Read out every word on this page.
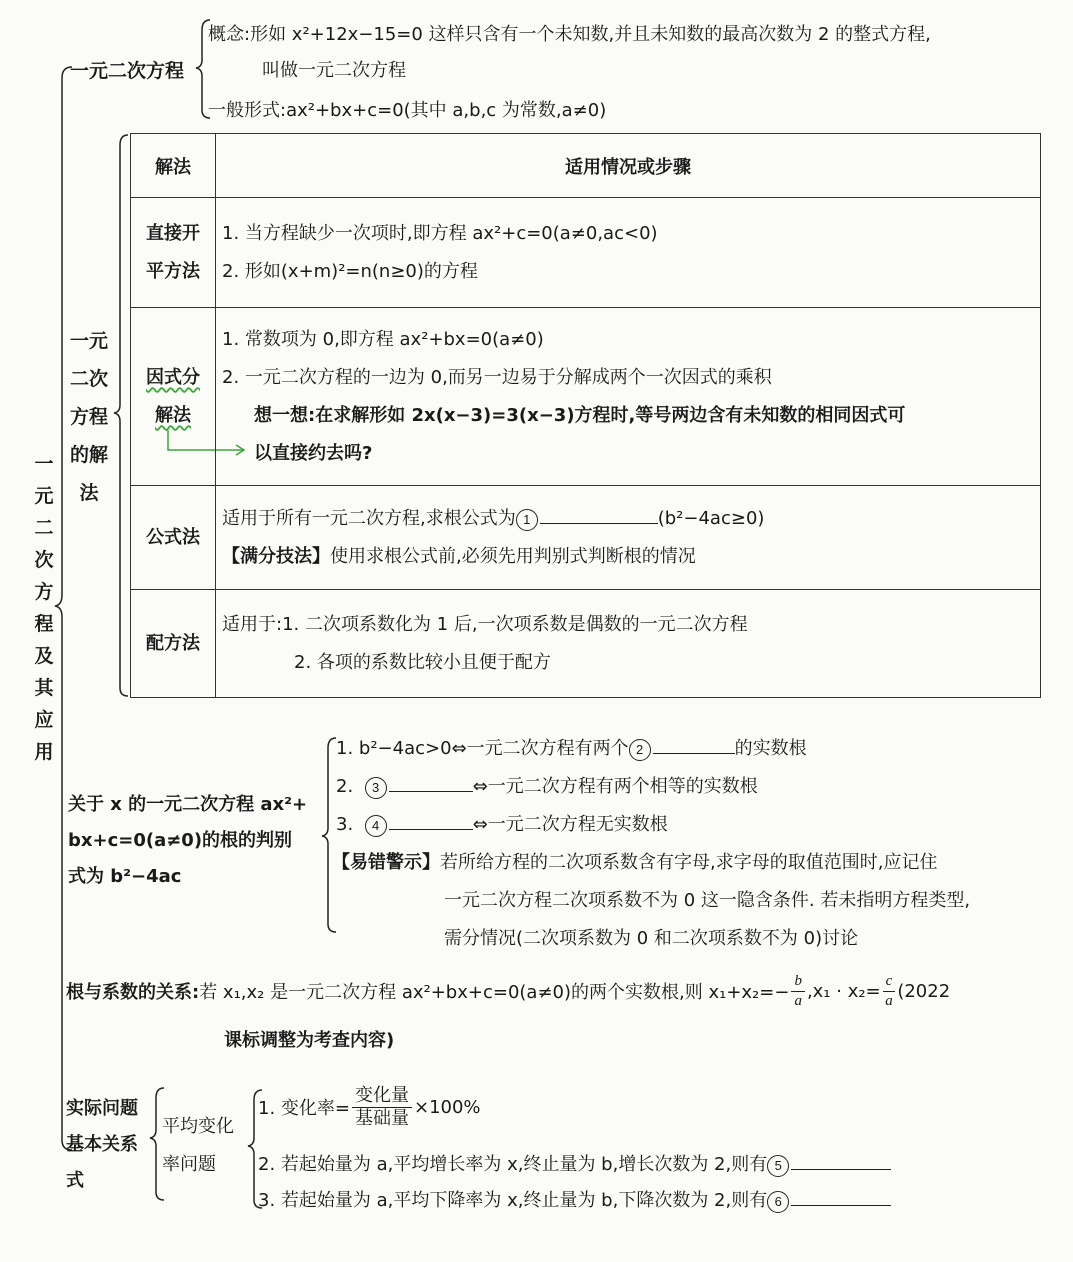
一元二次方程及其应用
一元二次方程
概念:形如 x²+12x−15=0 这样只含有一个未知数,并且未知数的最高次数为 2 的整式方程,
叫做一元二次方程
一般形式:ax²+bx+c=0(其中 a,b,c 为常数,a≠0)
一元二次方程的解法
解法	适用情况或步骤

直接开平方法	1. 当方程缺少一次项时,即方程 ax²+c=0(a≠0,ac<0)
2. 形如(x+m)²=n(n≥0)的方程

因式分解法	1. 常数项为 0,即方程 ax²+bx=0(a≠0)
2. 一元二次方程的一边为 0,而另一边易于分解成两个一次因式的乘积
想一想:在求解形如 2x(x−3)=3(x−3)方程时,等号两边含有未知数的相同因式可
以直接约去吗?

公式法	适用于所有一元二次方程,求根公式为 1 (b²−4ac≥0)
【满分技法】使用求根公式前,必须先用判别式判断根的情况

配方法	适用于:1. 二次项系数化为 1 后,一次项系数是偶数的一元二次方程
2. 各项的系数比较小且便于配方
关于 x 的一元二次方程 ax²+
bx+c=0(a≠0)的根的判别
式为 b²−4ac
1. b²−4ac>0⇔一元二次方程有两个 2	的实数根
2. 3	⇔一元二次方程有两个相等的实数根
3. 4	⇔一元二次方程无实数根
【易错警示】若所给方程的二次项系数含有字母,求字母的取值范围时,应记住
一元二次方程二次项系数不为 0 这一隐含条件. 若未指明方程类型,
需分情况(二次项系数为 0 和二次项系数不为 0)讨论
根与系数的关系: 若 x₁,x₂ 是一元二次方程 ax²+bx+c=0(a≠0)的两个实数根,则 $x_1+x_2=- \frac{b}{a} ,x_1 \cdot x_2= \frac{c}{a} (2022$
课标调整为考查内容)
实际问题
基本关系
式
平均变化
率问题
1. 变化率=
变化量
基础量
×100%
2. 若起始量为 a,平均增长率为 x,终止量为 b,增长次数为 2,则有 5
3. 若起始量为 a,平均下降率为 x,终止量为 b,下降次数为 2,则有 6
